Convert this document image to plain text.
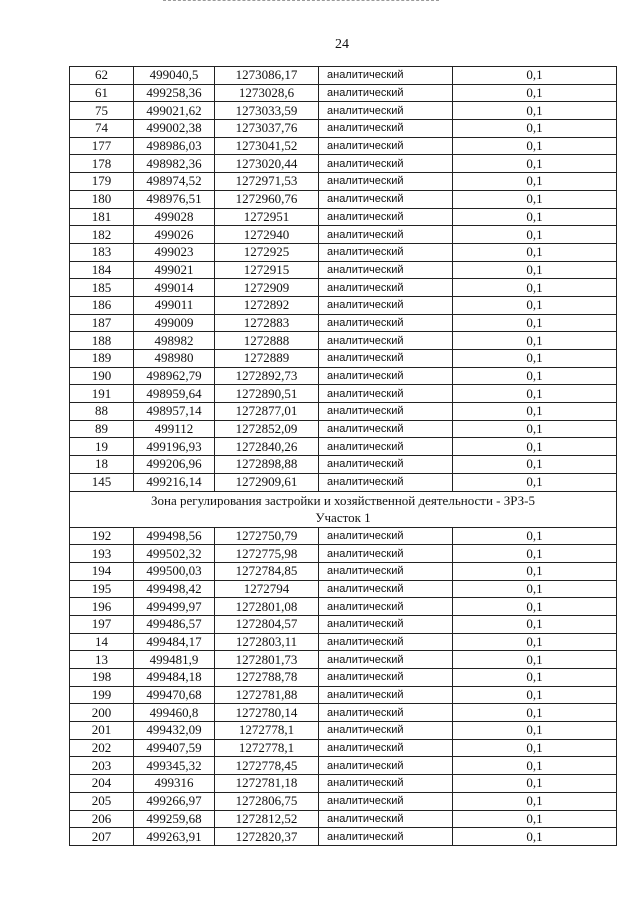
24
62	499040,5	1273086,17	аналитический	0,1
61	499258,36	1273028,6	аналитический	0,1
75	499021,62	1273033,59	аналитический	0,1
74	499002,38	1273037,76	аналитический	0,1
177	498986,03	1273041,52	аналитический	0,1
178	498982,36	1273020,44	аналитический	0,1
179	498974,52	1272971,53	аналитический	0,1
180	498976,51	1272960,76	аналитический	0,1
181	499028	1272951	аналитический	0,1
182	499026	1272940	аналитический	0,1
183	499023	1272925	аналитический	0,1
184	499021	1272915	аналитический	0,1
185	499014	1272909	аналитический	0,1
186	499011	1272892	аналитический	0,1
187	499009	1272883	аналитический	0,1
188	498982	1272888	аналитический	0,1
189	498980	1272889	аналитический	0,1
190	498962,79	1272892,73	аналитический	0,1
191	498959,64	1272890,51	аналитический	0,1
88	498957,14	1272877,01	аналитический	0,1
89	499112	1272852,09	аналитический	0,1
19	499196,93	1272840,26	аналитический	0,1
18	499206,96	1272898,88	аналитический	0,1
145	499216,14	1272909,61	аналитический	0,1

Зона регулирования застройки и хозяйственной деятельности - ЗРЗ-5
Участок 1				

192	499498,56	1272750,79	аналитический	0,1
193	499502,32	1272775,98	аналитический	0,1
194	499500,03	1272784,85	аналитический	0,1
195	499498,42	1272794	аналитический	0,1
196	499499,97	1272801,08	аналитический	0,1
197	499486,57	1272804,57	аналитический	0,1
14	499484,17	1272803,11	аналитический	0,1
13	499481,9	1272801,73	аналитический	0,1
198	499484,18	1272788,78	аналитический	0,1
199	499470,68	1272781,88	аналитический	0,1
200	499460,8	1272780,14	аналитический	0,1
201	499432,09	1272778,1	аналитический	0,1
202	499407,59	1272778,1	аналитический	0,1
203	499345,32	1272778,45	аналитический	0,1
204	499316	1272781,18	аналитический	0,1
205	499266,97	1272806,75	аналитический	0,1
206	499259,68	1272812,52	аналитический	0,1
207	499263,91	1272820,37	аналитический	0,1
